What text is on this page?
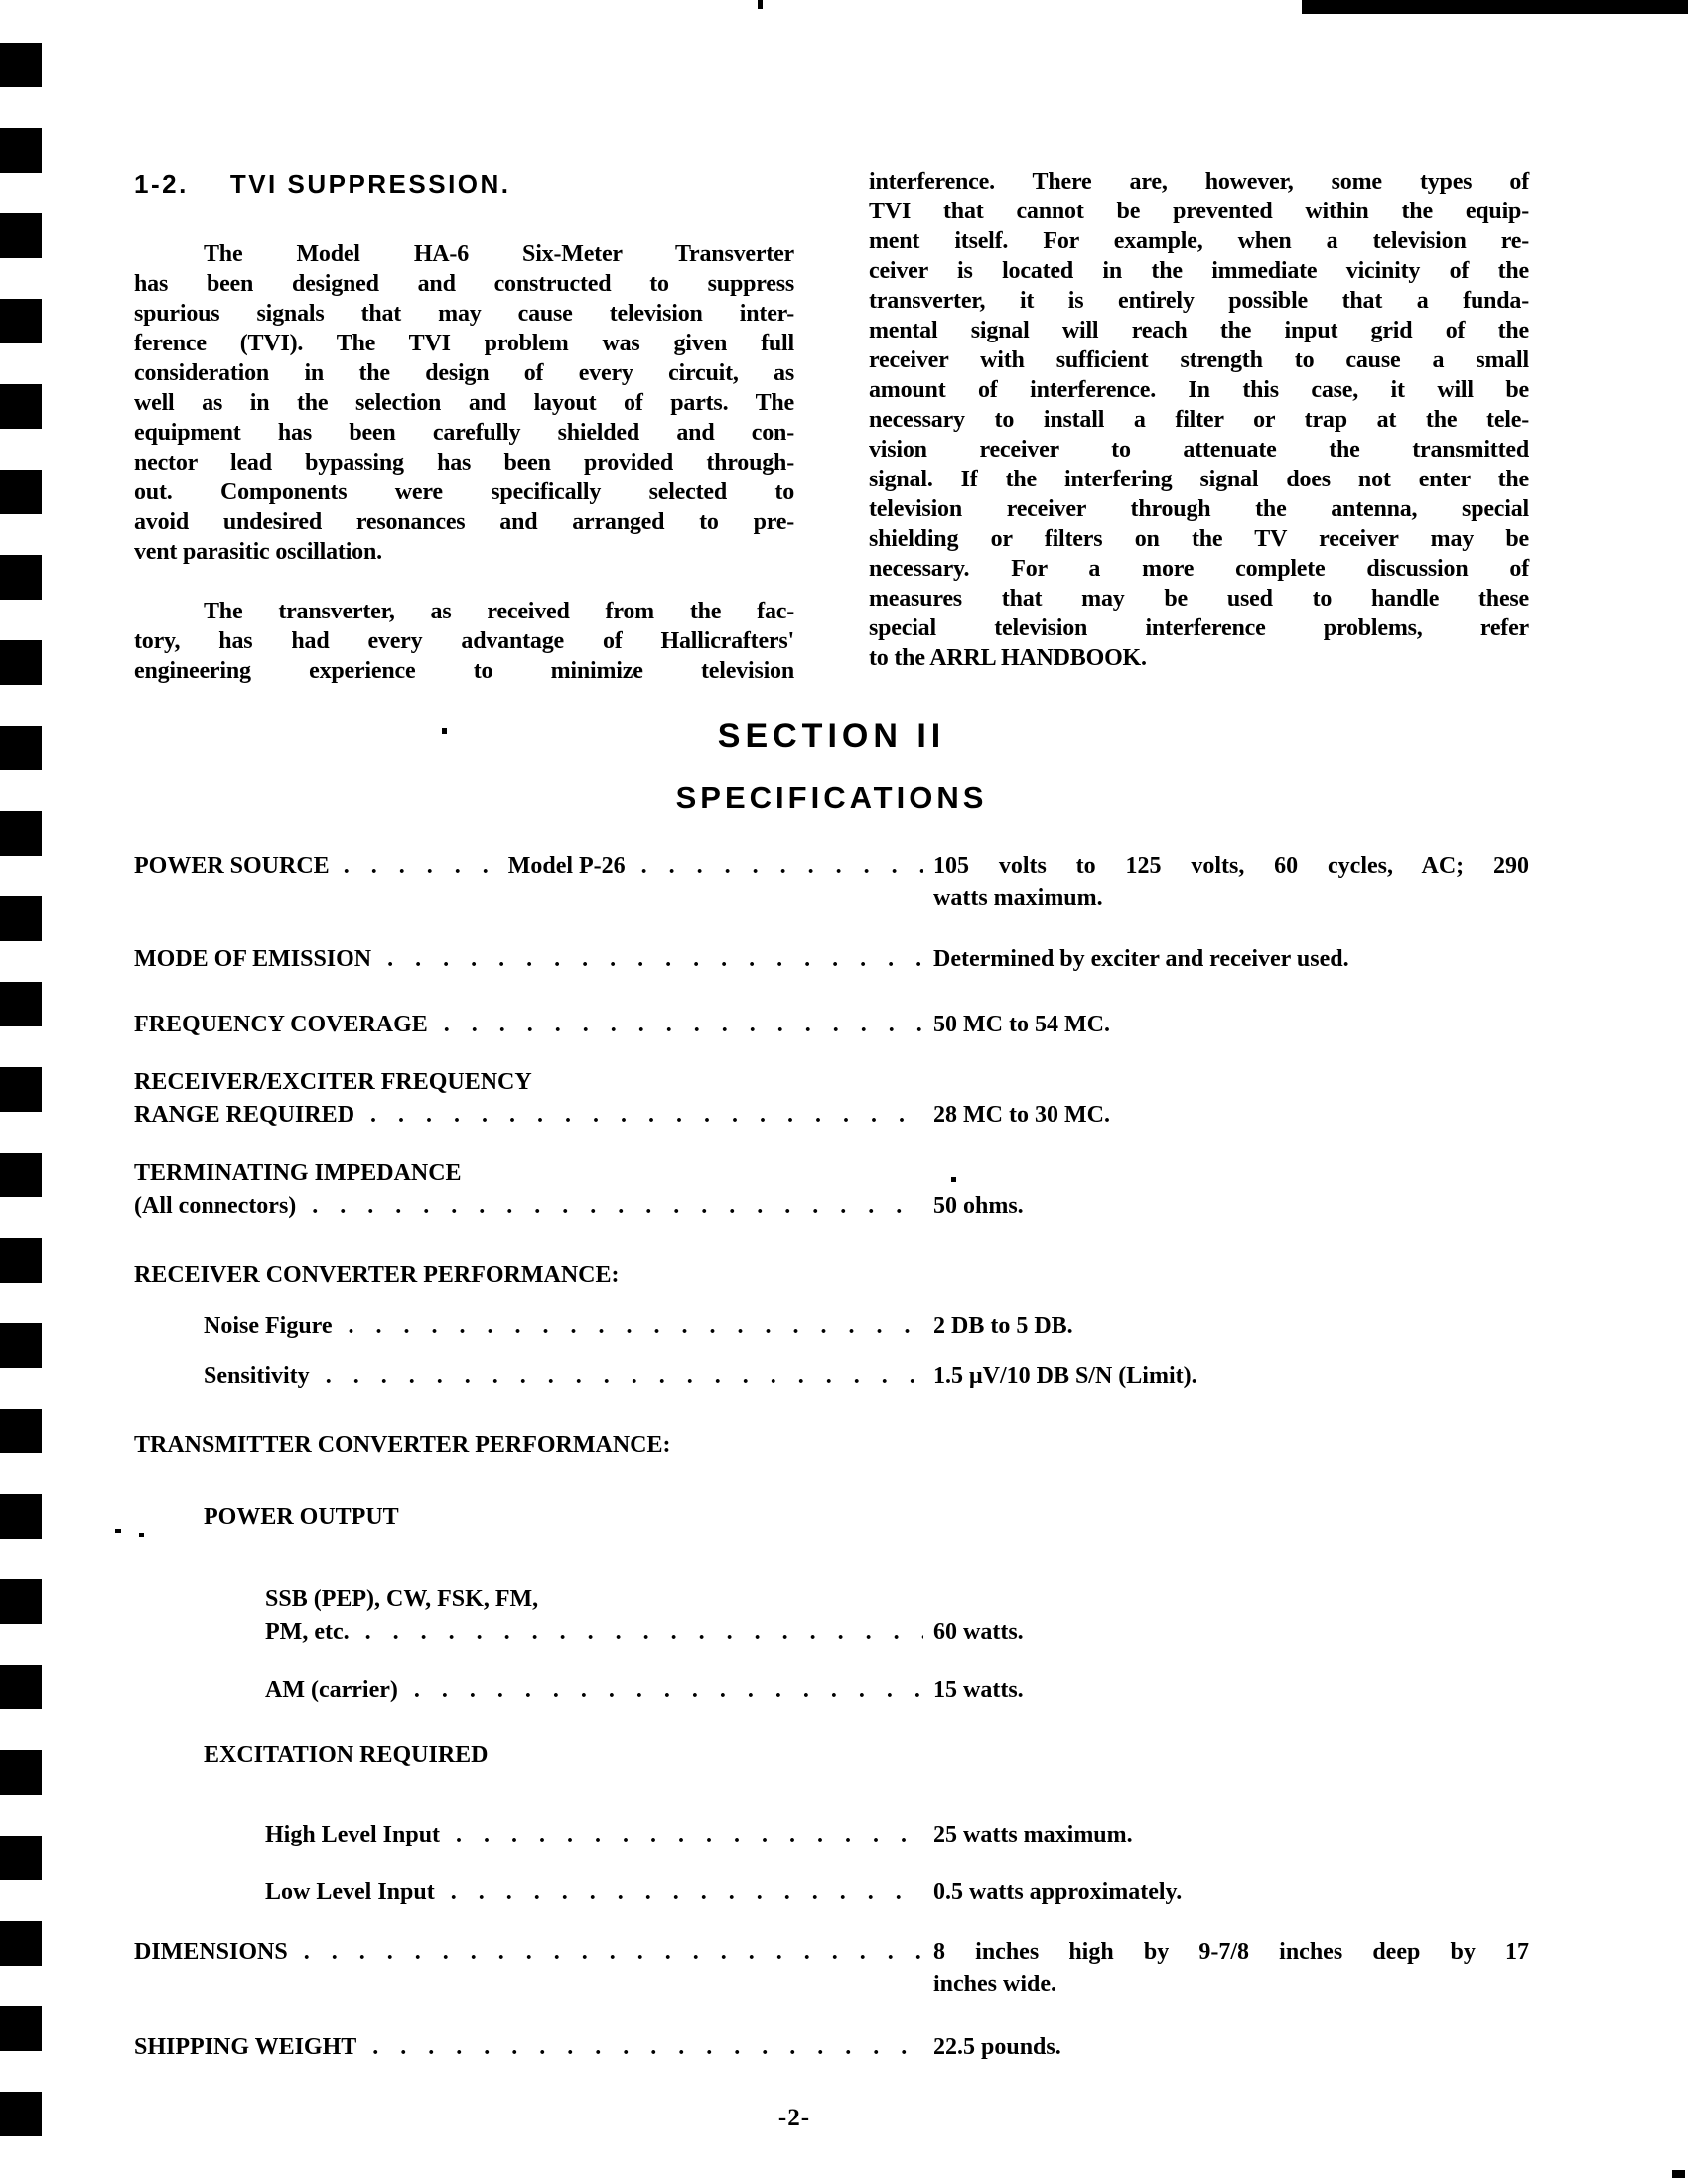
1-2. TVI SUPPRESSION.
The Model HA-6 Six-Meter Transverter
has been designed and constructed to suppress
spurious signals that may cause television inter-
ference (TVI). The TVI problem was given full
consideration in the design of every circuit, as
well as in the selection and layout of parts. The
equipment has been carefully shielded and con-
nector lead bypassing has been provided through-
out. Components were specifically selected to
avoid undesired resonances and arranged to pre-
vent parasitic oscillation.
The transverter, as received from the fac-
tory, has had every advantage of Hallicrafters'
engineering experience to minimize television
interference. There are, however, some types of
TVI that cannot be prevented within the equip-
ment itself. For example, when a television re-
ceiver is located in the immediate vicinity of the
transverter, it is entirely possible that a funda-
mental signal will reach the input grid of the
receiver with sufficient strength to cause a small
amount of interference. In this case, it will be
necessary to install a filter or trap at the tele-
vision receiver to attenuate the transmitted
signal. If the interfering signal does not enter the
television receiver through the antenna, special
shielding or filters on the TV receiver may be
necessary. For a more complete discussion of
measures that may be used to handle these
special television interference problems, refer
to the ARRL HANDBOOK.
SECTION II
SPECIFICATIONS
POWER SOURCE . . .	Model P-26 . . .	105 volts to 125 volts, 60 cycles, AC; 290
watts maximum.
MODE OF EMISSION . . .	Determined by exciter and receiver used.
FREQUENCY COVERAGE . . .	50 MC to 54 MC.
RECEIVER/EXCITER FREQUENCY
RANGE REQUIRED . . .	28 MC to 30 MC.
TERMINATING IMPEDANCE
(All connectors) . . .	50 ohms.
RECEIVER CONVERTER PERFORMANCE:
Noise Figure . . .	2 DB to 5 DB.
Sensitivity . . .	1.5 μV/10 DB S/N (Limit).
TRANSMITTER CONVERTER PERFORMANCE:
POWER OUTPUT
SSB (PEP), CW, FSK, FM,
PM, etc. . . .	60 watts.
AM (carrier) . . .	15 watts.
EXCITATION REQUIRED
High Level Input . . .	25 watts maximum.
Low Level Input . . .	0.5 watts approximately.
DIMENSIONS . . .	8 inches high by 9-7/8 inches deep by 17
inches wide.
SHIPPING WEIGHT . . .	22.5 pounds.
-2-
